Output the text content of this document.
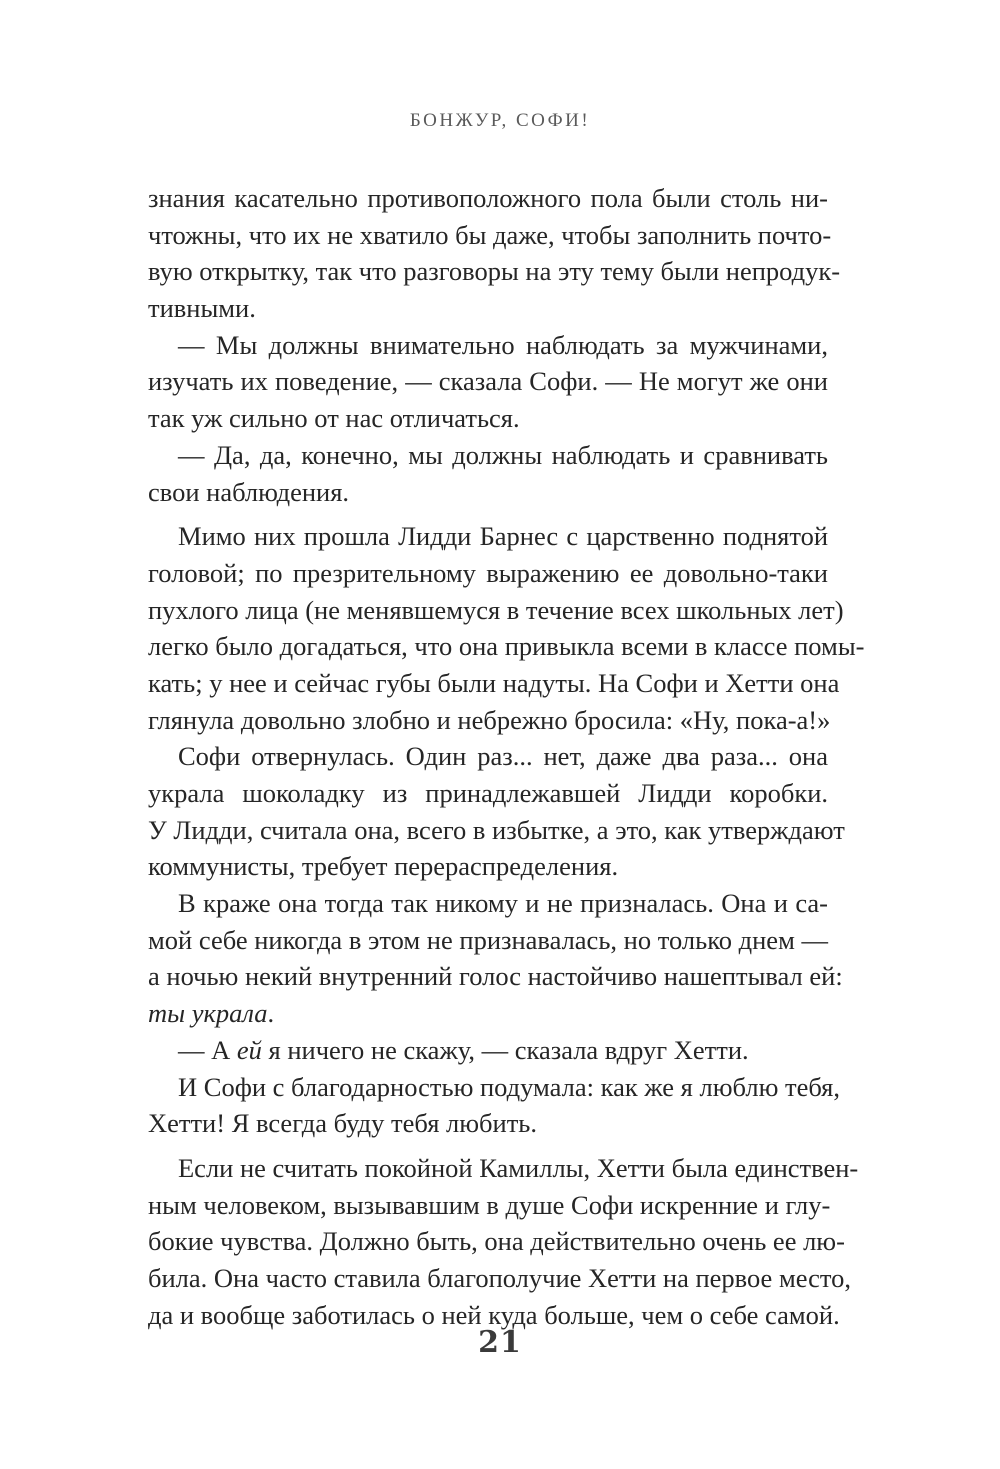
БОНЖУР, СОФИ!
знания касательно противоположного пола были столь ни-
чтожны, что их не хватило бы даже, чтобы заполнить почто-
вую открытку, так что разговоры на эту тему были непродук-
тивными.
— Мы должны внимательно наблюдать за мужчинами,
изучать их поведение, — сказала Софи. — Не могут же они
так уж сильно от нас отличаться.
— Да, да, конечно, мы должны наблюдать и сравнивать
свои наблюдения.
Мимо них прошла Лидди Барнес с царственно поднятой
головой; по презрительному выражению ее довольно-таки
пухлого лица (не менявшемуся в течение всех школьных лет)
легко было догадаться, что она привыкла всеми в классе помы-
кать; у нее и сейчас губы были надуты. На Софи и Хетти она
глянула довольно злобно и небрежно бросила: «Ну, пока-а!»
Софи отвернулась. Один раз... нет, даже два раза... она
украла шоколадку из принадлежавшей Лидди коробки.
У Лидди, считала она, всего в избытке, а это, как утверждают
коммунисты, требует перераспределения.
В краже она тогда так никому и не призналась. Она и са-
мой себе никогда в этом не признавалась, но только днем —
а ночью некий внутренний голос настойчиво нашептывал ей:
ты украла.
— А ей я ничего не скажу, — сказала вдруг Хетти.
И Софи с благодарностью подумала: как же я люблю тебя,
Хетти! Я всегда буду тебя любить.
Если не считать покойной Камиллы, Хетти была единствен-
ным человеком, вызывавшим в душе Софи искренние и глу-
бокие чувства. Должно быть, она действительно очень ее лю-
била. Она часто ставила благополучие Хетти на первое место,
да и вообще заботилась о ней куда больше, чем о себе самой.
21
